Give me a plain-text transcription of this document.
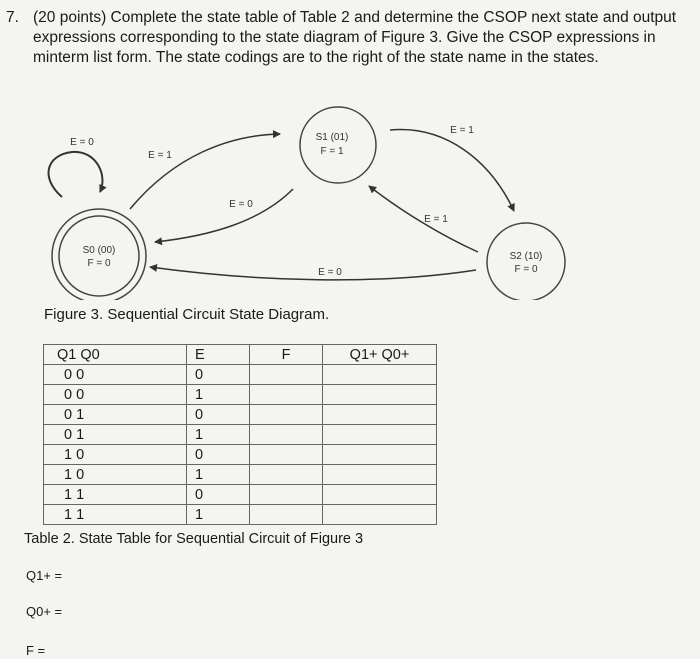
7. (20 points) Complete the state table of Table 2 and determine the CSOP next state and output expressions corresponding to the state diagram of Figure 3. Give the CSOP expressions in minterm list form. The state codings are to the right of the state name in the states.
S0 (00)
F = 0
S1 (01)
F = 1
S2 (10)
F = 0
E = 0
E = 1
E = 0
E = 1
E = 1
E = 0
Figure 3. Sequential Circuit State Diagram.
Q1 Q0	E	F	Q1+ Q0+
0 0	0		
0 0	1		
0 1	0		
0 1	1		
1 0	0		
1 0	1		
1 1	0		
1 1	1		
Table 2. State Table for Sequential Circuit of Figure 3
Q1+ =
Q0+ =
F =
